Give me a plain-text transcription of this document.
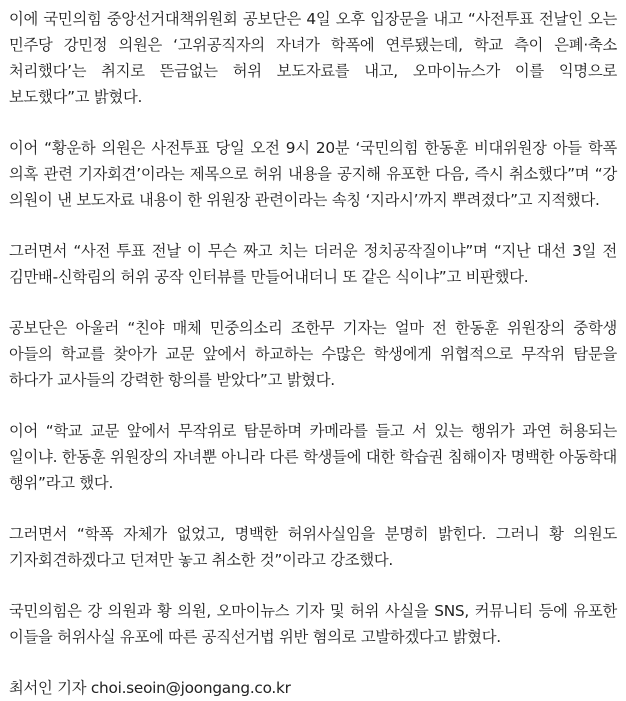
이에 국민의힘 중앙선거대책위원회 공보단은 4일 오후 입장문을 내고 “사전투표 전날인 오는 민주당 강민정 의원은 ‘고위공직자의 자녀가 학폭에 연루됐는데, 학교 측이 은폐·축소 처리했다’는 취지로 뜬금없는 허위 보도자료를 내고, 오마이뉴스가 이를 익명으로 보도했다”고 밝혔다.

이어 “황운하 의원은 사전투표 당일 오전 9시 20분 ‘국민의힘 한동훈 비대위원장 아들 학폭 의혹 관련 기자회견’이라는 제목으로 허위 내용을 공지해 유포한 다음, 즉시 취소했다”며 “강 의원이 낸 보도자료 내용이 한 위원장 관련이라는 속칭 ‘지라시’까지 뿌려졌다”고 지적했다.

그러면서 “사전 투표 전날 이 무슨 짜고 치는 더러운 정치공작질이냐”며 “지난 대선 3일 전 김만배-신학림의 허위 공작 인터뷰를 만들어내더니 또 같은 식이냐”고 비판했다.

공보단은 아울러 “친야 매체 민중의소리 조한무 기자는 얼마 전 한동훈 위원장의 중학생 아들의 학교를 찾아가 교문 앞에서 하교하는 수많은 학생에게 위협적으로 무작위 탐문을 하다가 교사들의 강력한 항의를 받았다”고 밝혔다.

이어 “학교 교문 앞에서 무작위로 탐문하며 카메라를 들고 서 있는 행위가 과연 허용되는 일이냐. 한동훈 위원장의 자녀뿐 아니라 다른 학생들에 대한 학습권 침해이자 명백한 아동학대 행위”라고 했다.

그러면서 “학폭 자체가 없었고, 명백한 허위사실임을 분명히 밝힌다. 그러니 황 의원도 기자회견하겠다고 던져만 놓고 취소한 것”이라고 강조했다.

국민의힘은 강 의원과 황 의원, 오마이뉴스 기자 및 허위 사실을 SNS, 커뮤니티 등에 유포한 이들을 허위사실 유포에 따른 공직선거법 위반 혐의로 고발하겠다고 밝혔다.

최서인 기자 choi.seoin@joongang.co.kr
